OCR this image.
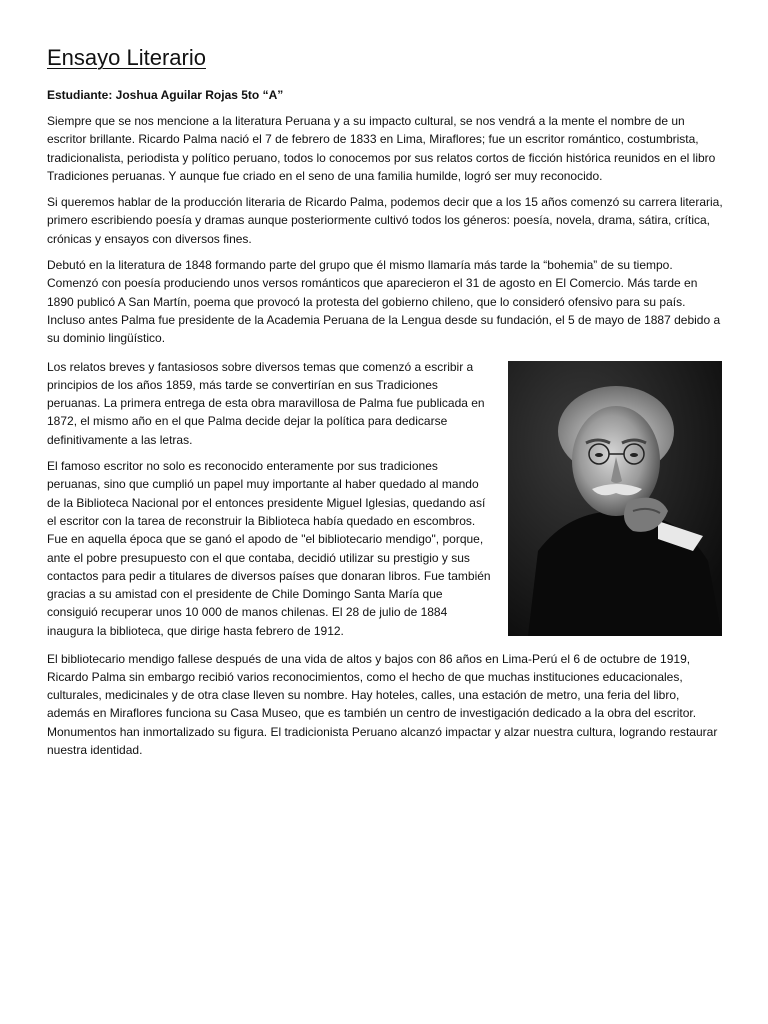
Ensayo Literario

Estudiante: Joshua Aguilar Rojas 5to “A”

Siempre que se nos mencione a la literatura Peruana y a su impacto cultural, se nos vendrá a la mente el nombre de un escritor brillante. Ricardo Palma nació el 7 de febrero de 1833 en Lima, Miraflores; fue un escritor romántico, costumbrista, tradicionalista, periodista y político peruano, todos lo conocemos por sus relatos cortos de ficción histórica reunidos en el libro Tradiciones peruanas. Y aunque fue criado en el seno de una familia humilde, logró ser muy reconocido.

Si queremos hablar de la producción literaria de Ricardo Palma, podemos decir que a los 15 años comenzó su carrera literaria, primero escribiendo poesía y dramas aunque posteriormente cultivó todos los géneros: poesía, novela, drama, sátira, crítica, crónicas y ensayos con diversos fines.

Debutó en la literatura de 1848 formando parte del grupo que él mismo llamaría más tarde la “bohemia” de su tiempo. Comenzó con poesía produciendo unos versos románticos que aparecieron el 31 de agosto en El Comercio. Más tarde en 1890 publicó A San Martín, poema que provocó la protesta del gobierno chileno, que lo consideró ofensivo para su país. Incluso antes Palma fue presidente de la Academia Peruana de la Lengua desde su fundación, el 5 de mayo de 1887 debido a su dominio lingüístico.

Los relatos breves y fantasiosos sobre diversos temas que comenzó a escribir a principios de los años 1859, más tarde se convertirían en sus Tradiciones peruanas. La primera entrega de esta obra maravillosa de Palma fue publicada en 1872, el mismo año en el que Palma decide dejar la política para dedicarse definitivamente a las letras.

El famoso escritor no solo es reconocido enteramente por sus tradiciones peruanas, sino que cumplió un papel muy importante al haber quedado al mando de la Biblioteca Nacional por el entonces presidente Miguel Iglesias, quedando así el escritor con la tarea de reconstruir la Biblioteca había quedado en escombros. Fue en aquella época que se ganó el apodo de "el bibliotecario mendigo", porque, ante el pobre presupuesto con el que contaba, decidió utilizar su prestigio y sus contactos para pedir a titulares de diversos países que donaran libros. Fue también gracias a su amistad con el presidente de Chile Domingo Santa María que consiguió recuperar unos 10 000 de manos chilenas. El 28 de julio de 1884 inaugura la biblioteca, que dirige hasta febrero de 1912.

El bibliotecario mendigo fallese después de una vida de altos y bajos con 86 años en Lima-Perú el 6 de octubre de 1919, Ricardo Palma sin embargo recibió varios reconocimientos, como el hecho de que muchas instituciones educacionales, culturales, medicinales y de otra clase lleven su nombre. Hay hoteles, calles, una estación de metro, una feria del libro, además en Miraflores funciona su Casa Museo, que es también un centro de investigación dedicado a la obra del escritor. Monumentos han inmortalizado su figura. El tradicionista Peruano alcanzó impactar y alzar nuestra cultura, logrando restaurar nuestra identidad.
